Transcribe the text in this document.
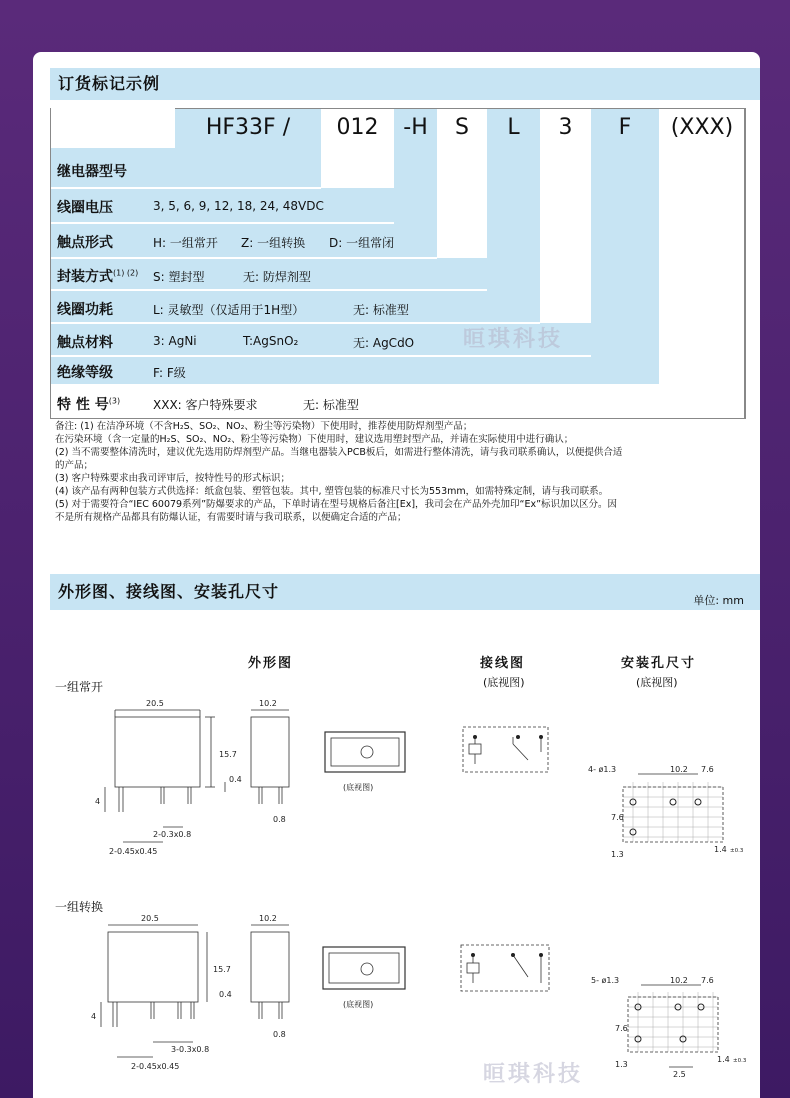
订货标记示例
HF33F /	012	-H	S	L	3	F	(XXX)
继电器型号
线圈电压	3, 5, 6, 9, 12, 18, 24, 48VDC
触点形式	H: 一组常开 Z: 一组转换 D: 一组常闭
封装方式$^{(1) (2)}$ S: 塑封型	无: 防焊剂型
线圈功耗	L: 灵敏型（仅适用于1H型）	无: 标准型
触点材料	3: AgNi	T:AgSnO₂	无: AgCdO
绝缘等级	F: F级
特 性 号$^{(3)}$	XXX: 客户特殊要求	无: 标准型
备注: (1) 在洁净环境（不含H₂S、SO₂、NO₂、粉尘等污染物）下使用时，推荐使用防焊剂型产品；
在污染环境（含一定量的H₂S、SO₂、NO₂、粉尘等污染物）下使用时，建议选用塑封型产品，并请在实际使用中进行确认；
(2) 当不需要整体清洗时，建议优先选用防焊剂型产品。当继电器装入PCB板后，如需进行整体清洗，请与我司联系确认，以便提供合适
的产品；
(3) 客户特殊要求由我司评审后，按特性号的形式标识；
(4) 该产品有两种包装方式供选择：纸盒包装、塑管包装。其中, 塑管包装的标准尺寸长为553mm，如需特殊定制，请与我司联系。
(5) 对于需要符合“IEC 60079系列”防爆要求的产品，下单时请在型号规格后备注[Ex]，我司会在产品外壳加印“Ex”标识加以区分。因
不是所有规格产品都具有防爆认证，有需要时请与我司联系，以便确定合适的产品；
外形图、接线图、安装孔尺寸	单位: mm
外形图	接线图	安装孔尺寸
(底视图)	(底视图)
一组常开
一组转换
20.5	10.2
15.7
0.4
4
0.8
2-0.3x0.8
2-0.45x0.45
(底视图)
4- ø1.3	10.2 7.6
7.6
1.3
1.4 ±0.3
20.5	10.2
15.7
0.4
4
0.8
3-0.3x0.8
2-0.45x0.45
(底视图)
5- ø1.3	10.2 7.6
7.6
1.3
1.4 ±0.3
2.5
晅琪科技
晅琪科技
